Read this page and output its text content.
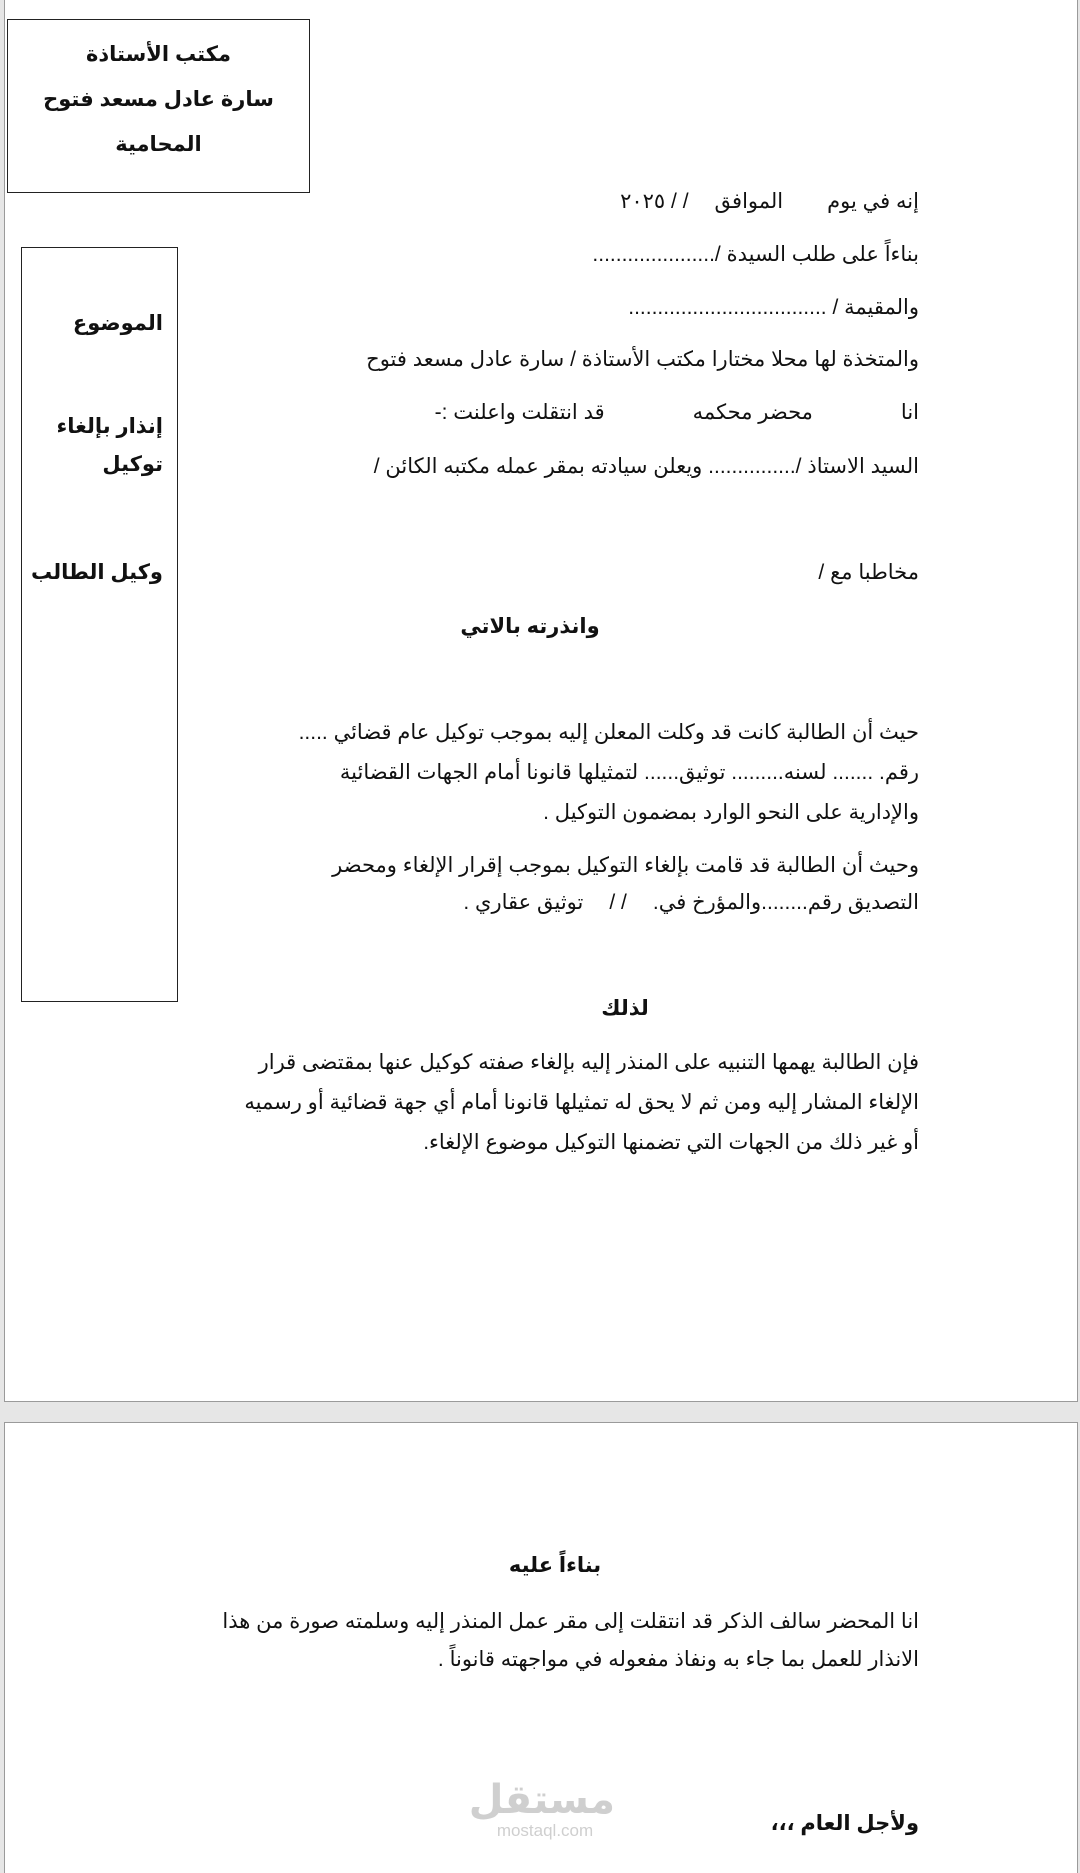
مكتب الأستاذة
سارة عادل مسعد فتوح
المحامية
الموضوع
إنذار بإلغاء
توكيل
وكيل الطالب
إنه في يومالموافق/ / ٢٠٢٥
بناءاً على طلب السيدة /.....................
والمقيمة / ..................................
والمتخذة لها محلا مختارا مكتب الأستاذة / سارة عادل مسعد فتوح
انامحضر محكمهقد انتقلت واعلنت :-
السيد الاستاذ /............... ويعلن سيادته بمقر عمله مكتبه الكائن /
مخاطبا مع /
وانذرته بالاتي
حيث أن الطالبة كانت قد وكلت المعلن إليه بموجب توكيل عام قضائي .....
رقم. ....... لسنه......... توثيق...... لتمثيلها قانونا أمام الجهات القضائية
والإدارية على النحو الوارد بمضمون التوكيل .
وحيث أن الطالبة قد قامت بإلغاء التوكيل بموجب إقرار الإلغاء ومحضر
التصديق رقم........والمؤرخ في./ /توثيق عقاري .
لذلك
فإن الطالبة يهمها التنبيه على المنذر إليه بإلغاء صفته كوكيل عنها بمقتضى قرار
الإلغاء المشار إليه ومن ثم لا يحق له تمثيلها قانونا أمام أي جهة قضائية أو رسميه
أو غير ذلك من الجهات التي تضمنها التوكيل موضوع الإلغاء.
بناءاً عليه
انا المحضر سالف الذكر قد انتقلت إلى مقر عمل المنذر إليه وسلمته صورة من هذا
الانذار للعمل بما جاء به ونفاذ مفعوله في مواجهته قانوناً .
ولأجل العام ،،،
مستقل
mostaql.com
